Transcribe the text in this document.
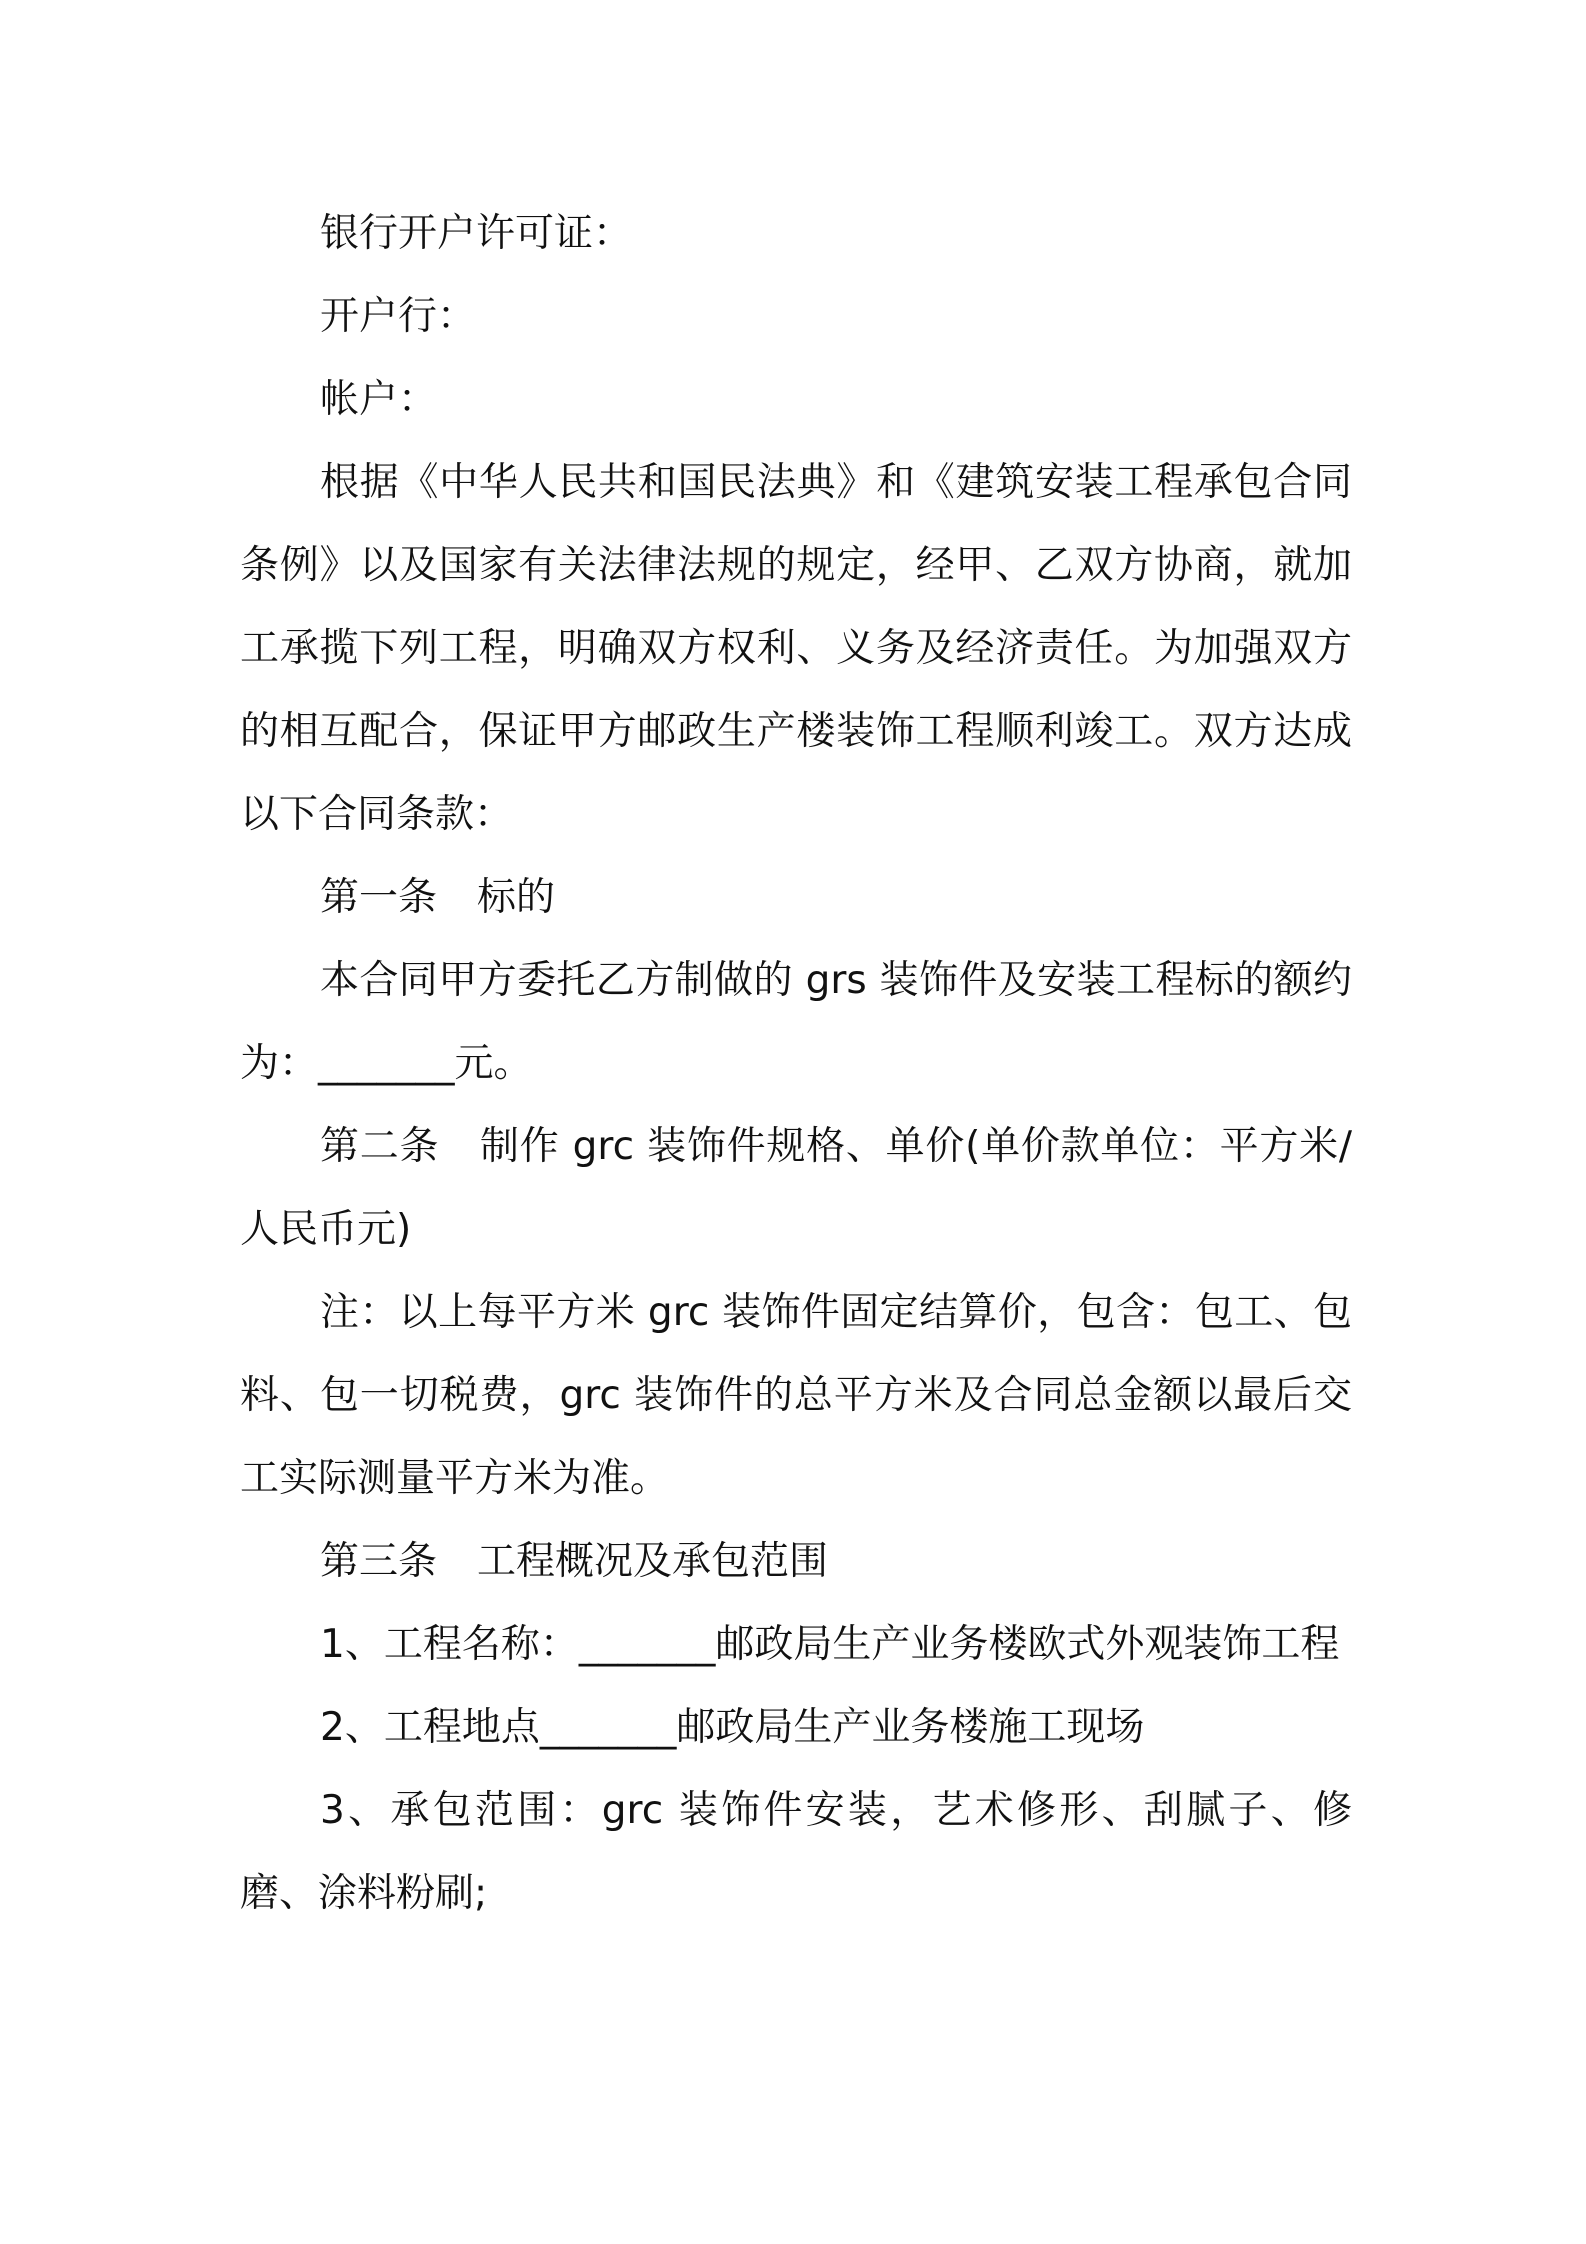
银行开户许可证：

开户行：

帐户：

根据《中华人民共和国民法典》和《建筑安装工程承包合同条例》以及国家有关法律法规的规定，经甲、乙双方协商，就加工承揽下列工程，明确双方权利、义务及经济责任。为加强双方的相互配合，保证甲方邮政生产楼装饰工程顺利竣工。双方达成以下合同条款：

第一条 标的

本合同甲方委托乙方制做的 grs 装饰件及安装工程标的额约为：_______元。

第二条 制作 grc 装饰件规格、单价(单价款单位：平方米/人民币元)

注：以上每平方米 grc 装饰件固定结算价，包含：包工、包料、包一切税费，grc 装饰件的总平方米及合同总金额以最后交工实际测量平方米为准。

第三条 工程概况及承包范围

1、工程名称：_______邮政局生产业务楼欧式外观装饰工程

2、工程地点_______邮政局生产业务楼施工现场

3、承包范围：grc 装饰件安装，艺术修形、刮腻子、修磨、涂料粉刷;
